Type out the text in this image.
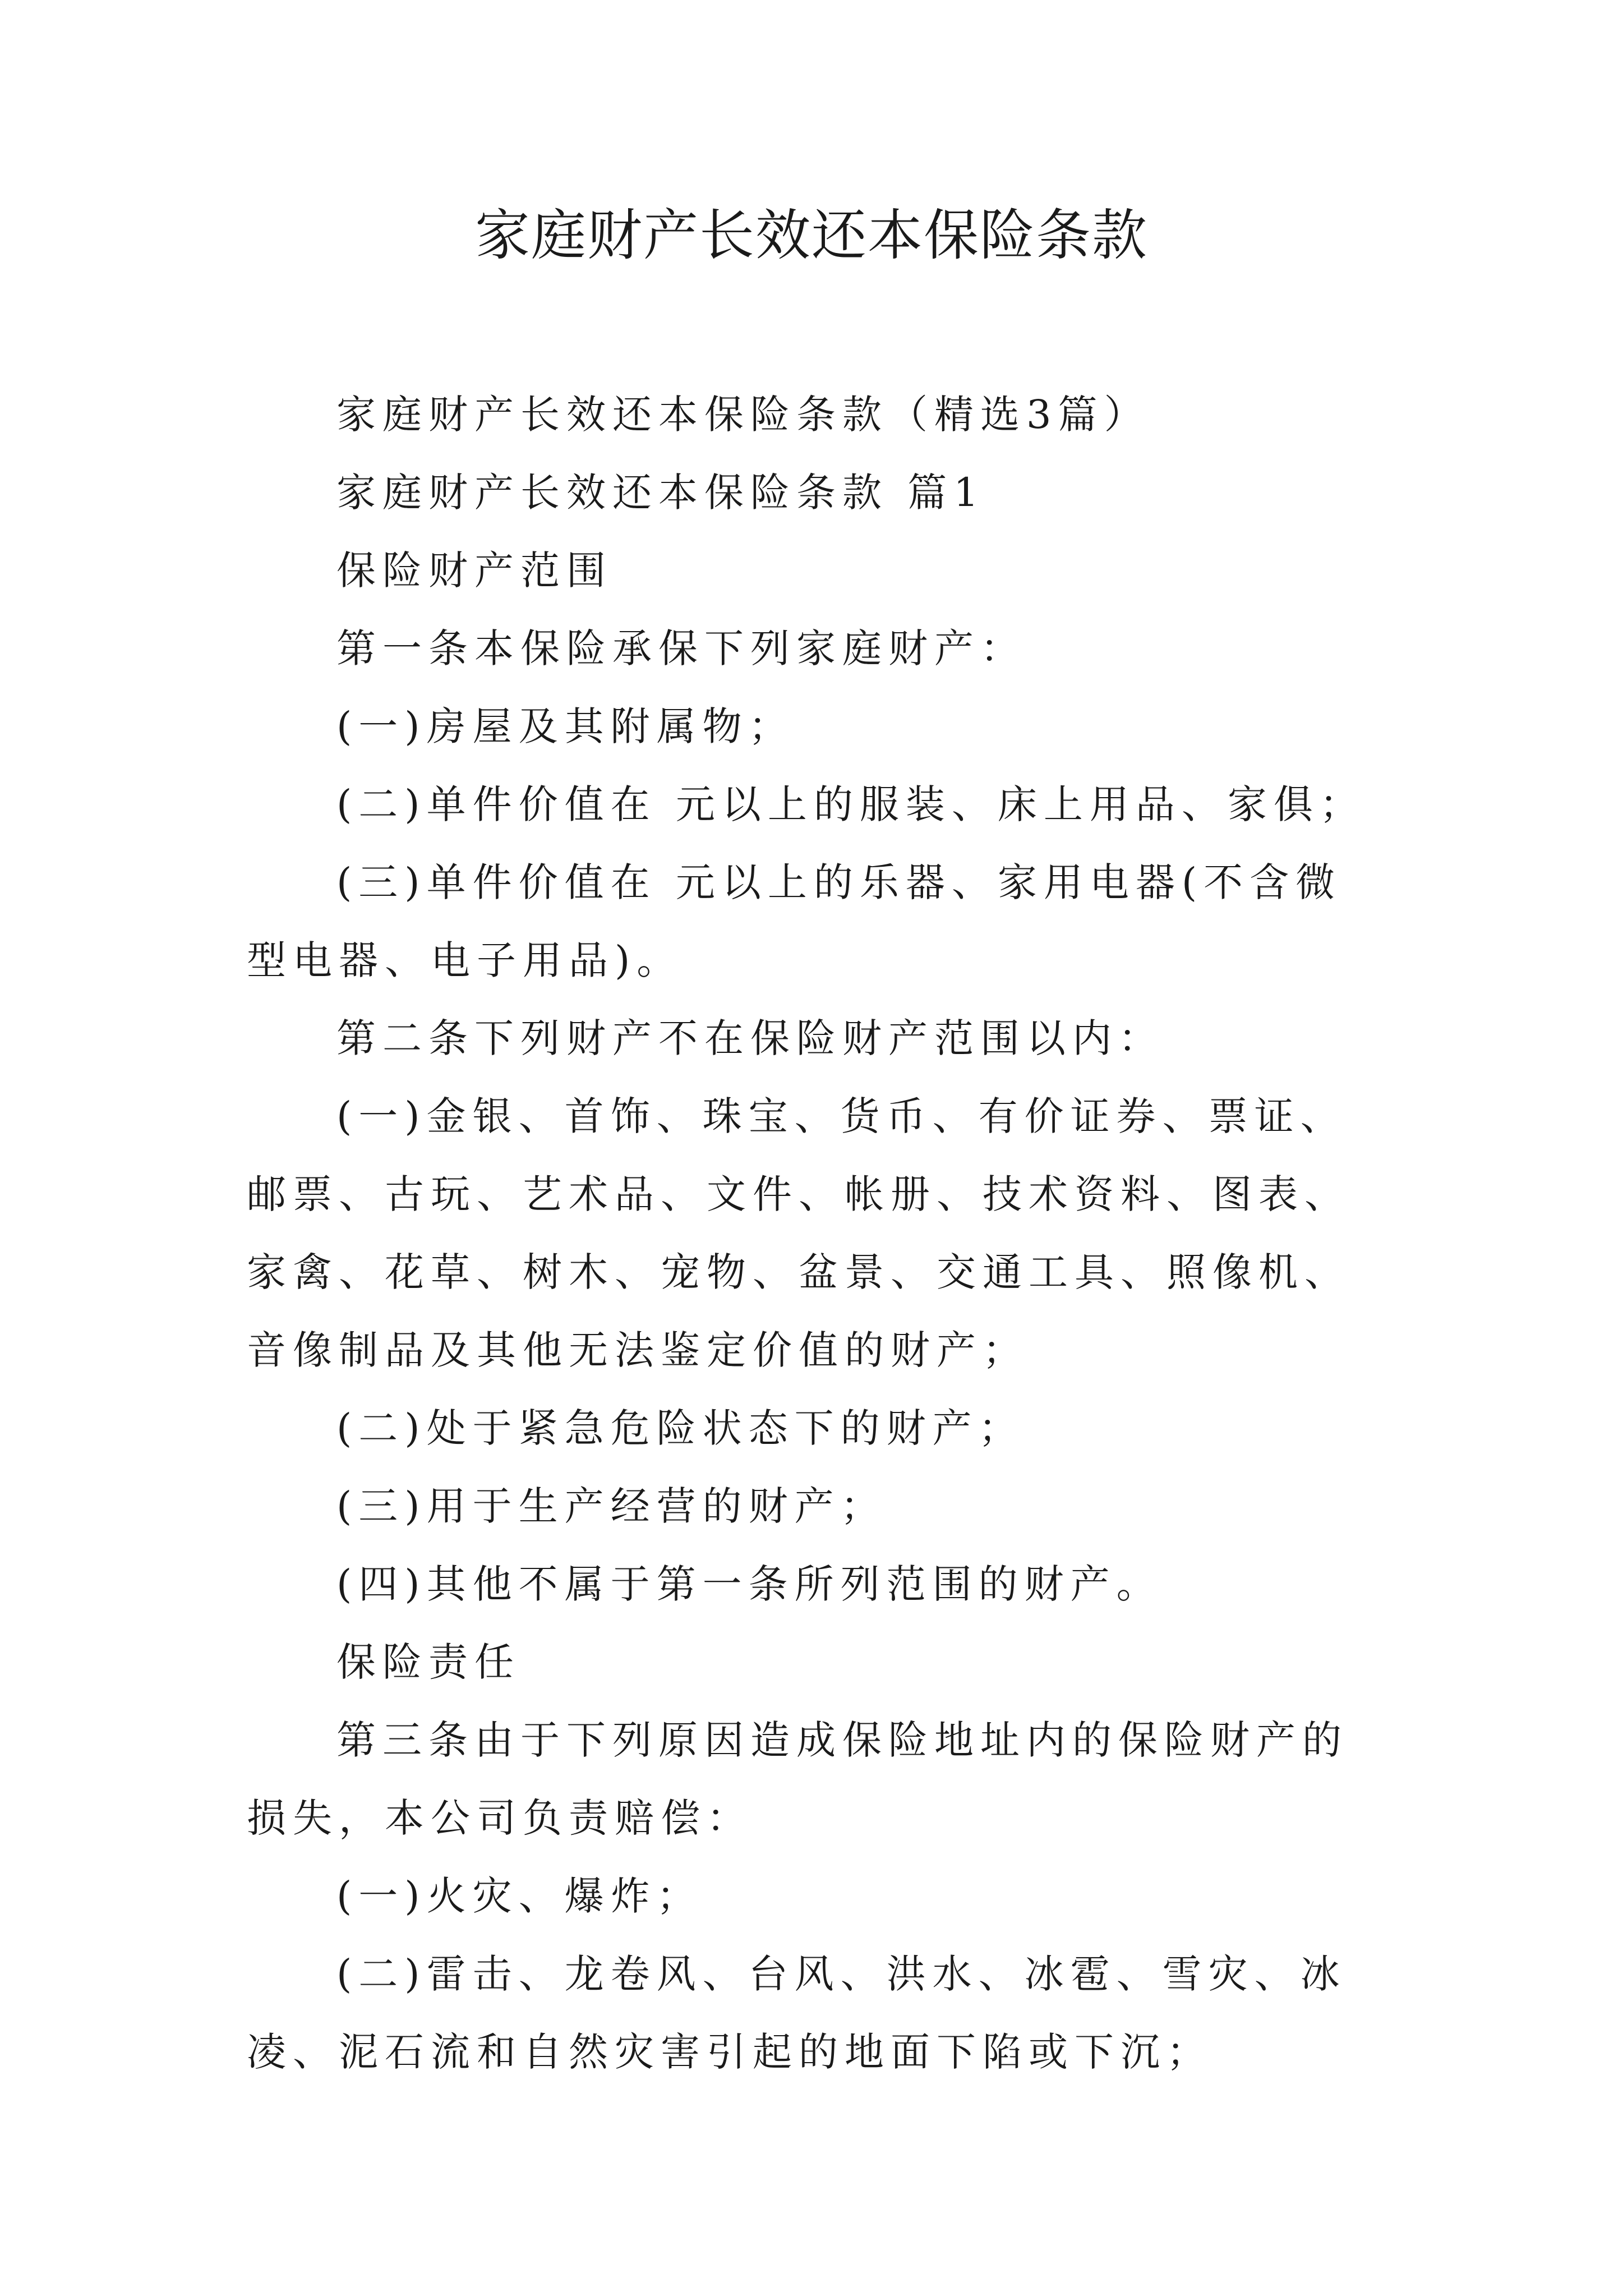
家庭财产长效还本保险条款

家庭财产长效还本保险条款（精选3篇）

家庭财产长效还本保险条款 篇1

保险财产范围

第一条本保险承保下列家庭财产：

(一)房屋及其附属物；

(二)单件价值在 元以上的服装、床上用品、家俱；

(三)单件价值在 元以上的乐器、家用电器(不含微型电器、电子用品)。

第二条下列财产不在保险财产范围以内：

(一)金银、首饰、珠宝、货币、有价证券、票证、邮票、古玩、艺术品、文件、帐册、技术资料、图表、家禽、花草、树木、宠物、盆景、交通工具、照像机、音像制品及其他无法鉴定价值的财产；

(二)处于紧急危险状态下的财产；

(三)用于生产经营的财产；

(四)其他不属于第一条所列范围的财产。

保险责任

第三条由于下列原因造成保险地址内的保险财产的损失，本公司负责赔偿：

(一)火灾、爆炸；

(二)雷击、龙卷风、台风、洪水、冰雹、雪灾、冰凌、泥石流和自然灾害引起的地面下陷或下沉；
